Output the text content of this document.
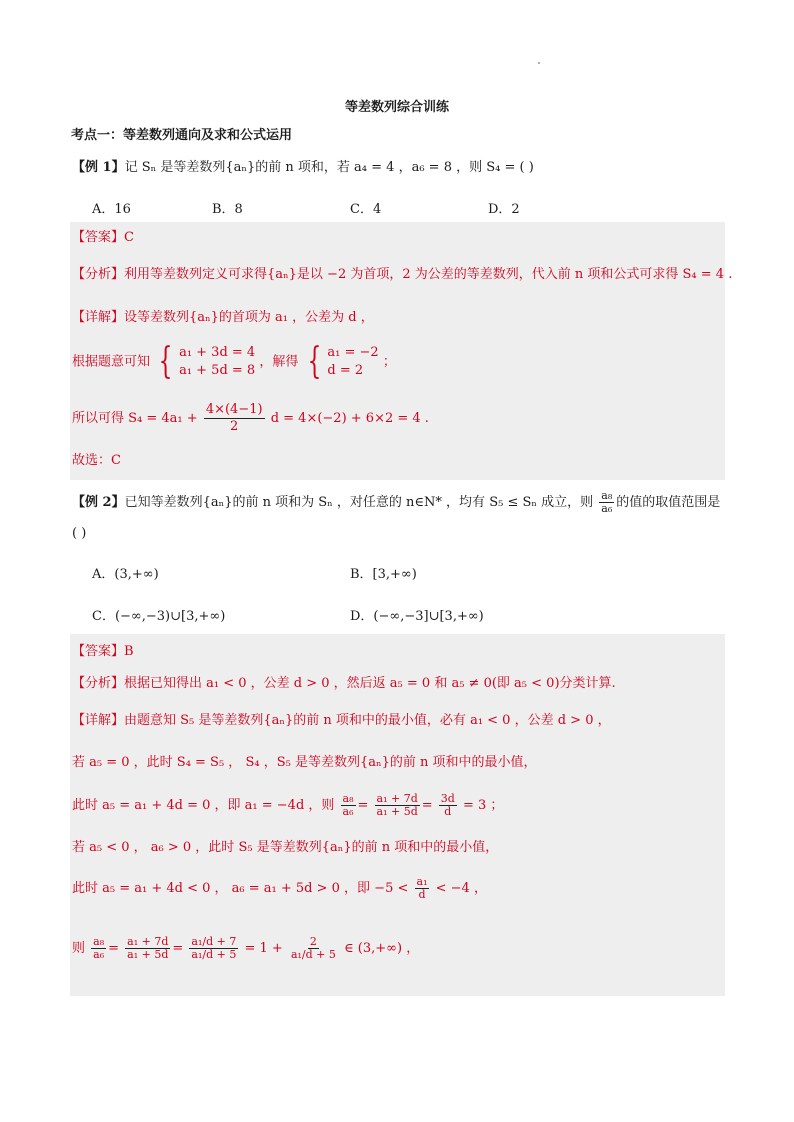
等差数列综合训练
考点一：等差数列通向及求和公式运用
【例 1】记 Sₙ 是等差数列{aₙ}的前 n 项和，若 a₄ = 4 ，a₆ = 8 ，则 S₄ = ( )
A．16	B．8	C．4	D．2
【答案】C
【分析】利用等差数列定义可求得{aₙ}是以 −2 为首项，2 为公差的等差数列，代入前 n 项和公式可求得 S₄ = 4 .
【详解】设等差数列{aₙ}的首项为 a₁ ，公差为 d ，
根据题意可知 { a₁ + 3d = 4
a₁ + 5d = 8
，解得 { a₁ = −2
d = 2
；
所以可得 $S_4 = 4a_1 + \frac{4\times(4-1)}{2}$ d = 4×(−2) + 6×2 = 4 .
故选：C
【例 2】已知等差数列{aₙ}的前 n 项和为 Sₙ ，对任意的 n∈N* ，均有 S₅ ≤ Sₙ 成立，则 $\frac{\text{a₈}}{\text{a₆}}$ 的值的取值范围是
( )
A．(3,+∞)	B．[3,+∞)
C．(−∞,−3)∪[3,+∞)	D．(−∞,−3]∪[3,+∞)
【答案】B
【分析】根据已知得出 a₁ < 0 ，公差 d > 0 ，然后返 a₅ = 0 和 a₅ ≠ 0(即 a₅ < 0)分类计算.
【详解】由题意知 S₅ 是等差数列{aₙ}的前 n 项和中的最小值，必有 a₁ < 0 ，公差 d > 0 ，
若 a₅ = 0 ，此时 S₄ = S₅ ， S₄ ，S₅ 是等差数列{aₙ}的前 n 项和中的最小值，
此时 a₅ = a₁ + 4d = 0 ，即 a₁ = −4d ，则 $\frac{\text{a₈}}{\text{a₆}} = \frac{\text{a₁ + 7d}}{\text{a₁ + 5d}} = \frac{3d}{d} = 3$ ；
若 a₅ < 0 ， a₆ > 0 ，此时 S₅ 是等差数列{aₙ}的前 n 项和中的最小值，
此时 a₅ = a₁ + 4d < 0 ， a₆ = a₁ + 5d > 0 ，即 $-5 < \frac{\text{a₁}}{d} < -4$ ，
则 $\frac{\text{a₈}}{\text{a₆}} = \frac{\text{a₁ + 7d}}{\text{a₁ + 5d}} = \frac{\text{a₁/d + 7}}{\text{a₁/d + 5}} = 1 + \frac{2}{\text{a₁/d + 5}}$ ∈ (3,+∞) ，
